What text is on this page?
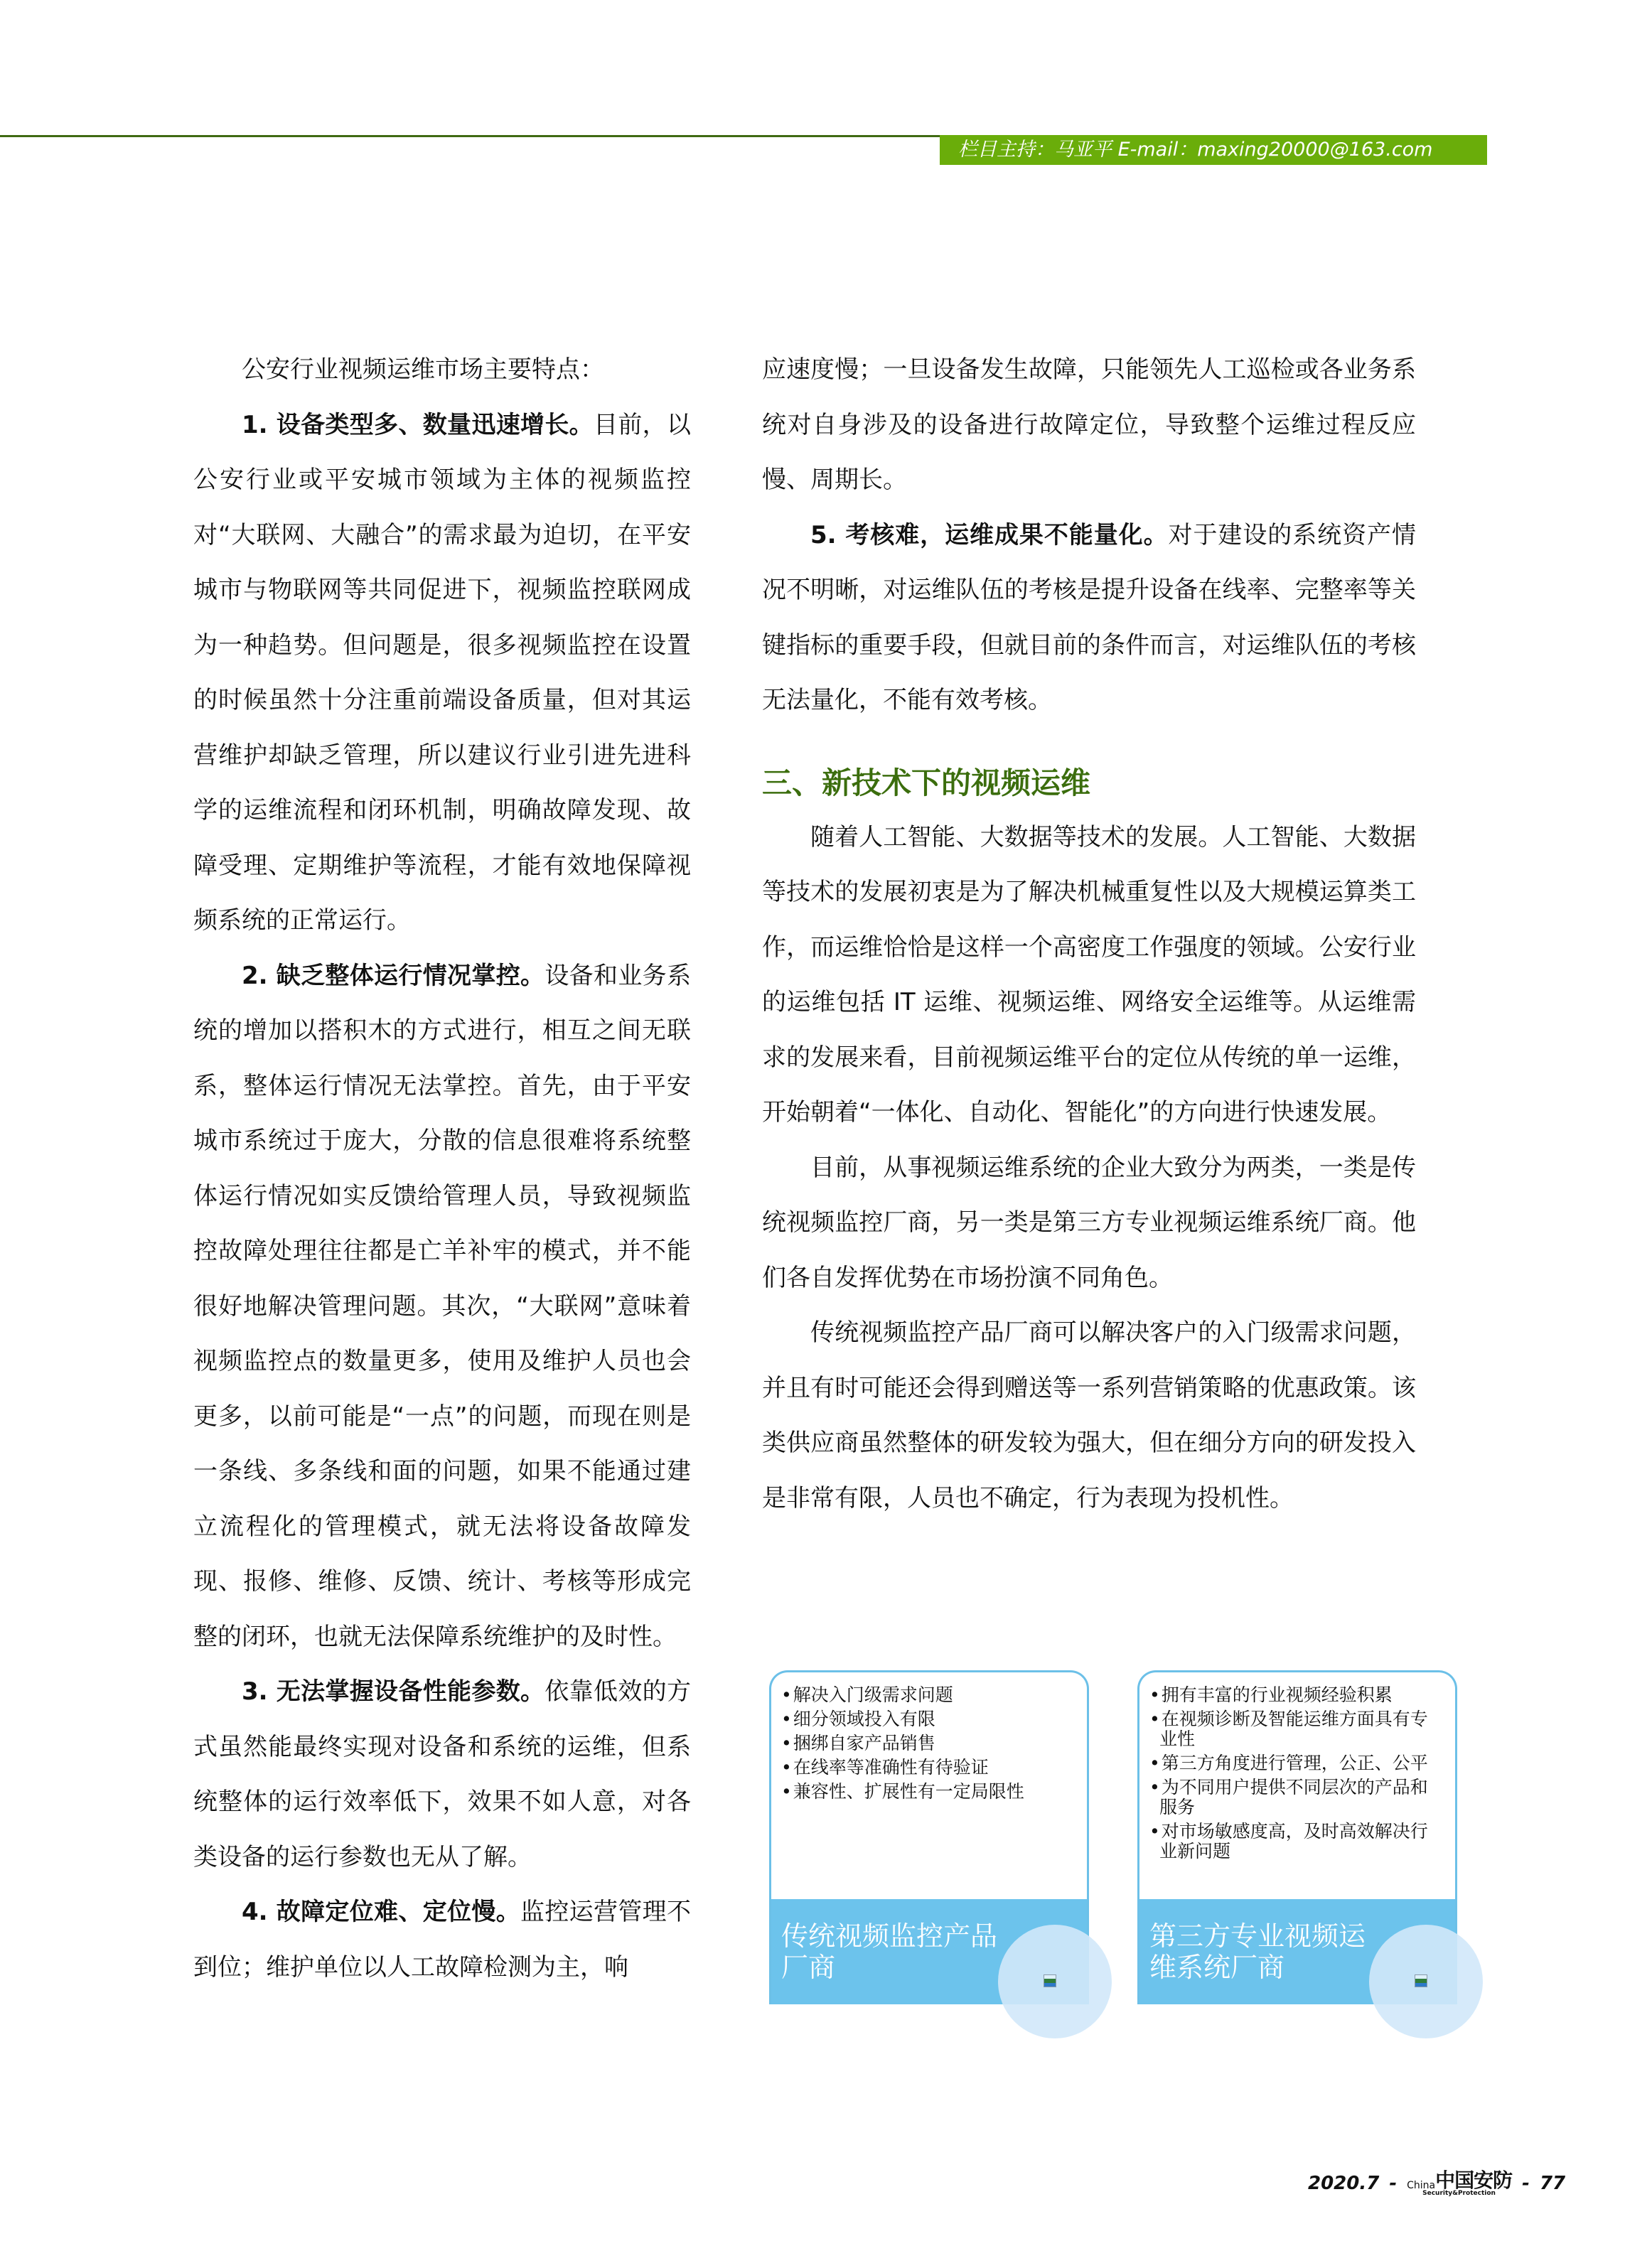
栏目主持：马亚平 E-mail：maxing20000@163.com

公安行业视频运维市场主要特点：

1. 设备类型多、数量迅速增长。目前，以公安行业或平安城市领域为主体的视频监控对“大联网、大融合”的需求最为迫切，在平安城市与物联网等共同促进下，视频监控联网成为一种趋势。但问题是，很多视频监控在设置的时候虽然十分注重前端设备质量，但对其运营维护却缺乏管理，所以建议行业引进先进科学的运维流程和闭环机制，明确故障发现、故障受理、定期维护等流程，才能有效地保障视频系统的正常运行。

2. 缺乏整体运行情况掌控。设备和业务系统的增加以搭积木的方式进行，相互之间无联系，整体运行情况无法掌控。首先，由于平安城市系统过于庞大，分散的信息很难将系统整体运行情况如实反馈给管理人员，导致视频监控故障处理往往都是亡羊补牢的模式，并不能很好地解决管理问题。其次，“大联网”意味着视频监控点的数量更多，使用及维护人员也会更多，以前可能是“一点”的问题，而现在则是一条线、多条线和面的问题，如果不能通过建立流程化的管理模式，就无法将设备故障发现、报修、维修、反馈、统计、考核等形成完整的闭环，也就无法保障系统维护的及时性。

3. 无法掌握设备性能参数。依靠低效的方式虽然能最终实现对设备和系统的运维，但系统整体的运行效率低下，效果不如人意，对各类设备的运行参数也无从了解。

4. 故障定位难、定位慢。监控运营管理不到位；维护单位以人工故障检测为主，响

应速度慢；一旦设备发生故障，只能领先人工巡检或各业务系统对自身涉及的设备进行故障定位，导致整个运维过程反应慢、周期长。

5. 考核难，运维成果不能量化。对于建设的系统资产情况不明晰，对运维队伍的考核是提升设备在线率、完整率等关键指标的重要手段，但就目前的条件而言，对运维队伍的考核无法量化，不能有效考核。

三、新技术下的视频运维

随着人工智能、大数据等技术的发展。人工智能、大数据等技术的发展初衷是为了解决机械重复性以及大规模运算类工作，而运维恰恰是这样一个高密度工作强度的领域。公安行业的运维包括 IT 运维、视频运维、网络安全运维等。从运维需求的发展来看，目前视频运维平台的定位从传统的单一运维，开始朝着“一体化、自动化、智能化”的方向进行快速发展。

目前，从事视频运维系统的企业大致分为两类，一类是传统视频监控厂商，另一类是第三方专业视频运维系统厂商。他们各自发挥优势在市场扮演不同角色。

传统视频监控产品厂商可以解决客户的入门级需求问题，并且有时可能还会得到赠送等一系列营销策略的优惠政策。该类供应商虽然整体的研发较为强大，但在细分方向的研发投入是非常有限，人员也不确定，行为表现为投机性。

• 解决入门级需求问题
• 细分领域投入有限
• 捆绑自家产品销售
• 在线率等准确性有待验证
• 兼容性、扩展性有一定局限性
传统视频监控产品厂商
• 拥有丰富的行业视频经验积累
• 在视频诊断及智能运维方面具有专业性
• 第三方角度进行管理，公正、公平
• 为不同用户提供不同层次的产品和服务
• 对市场敏感度高，及时高效解决行业新问题
第三方专业视频运维系统厂商
2020.7 - China 中国安防
Security&Protection - 77
